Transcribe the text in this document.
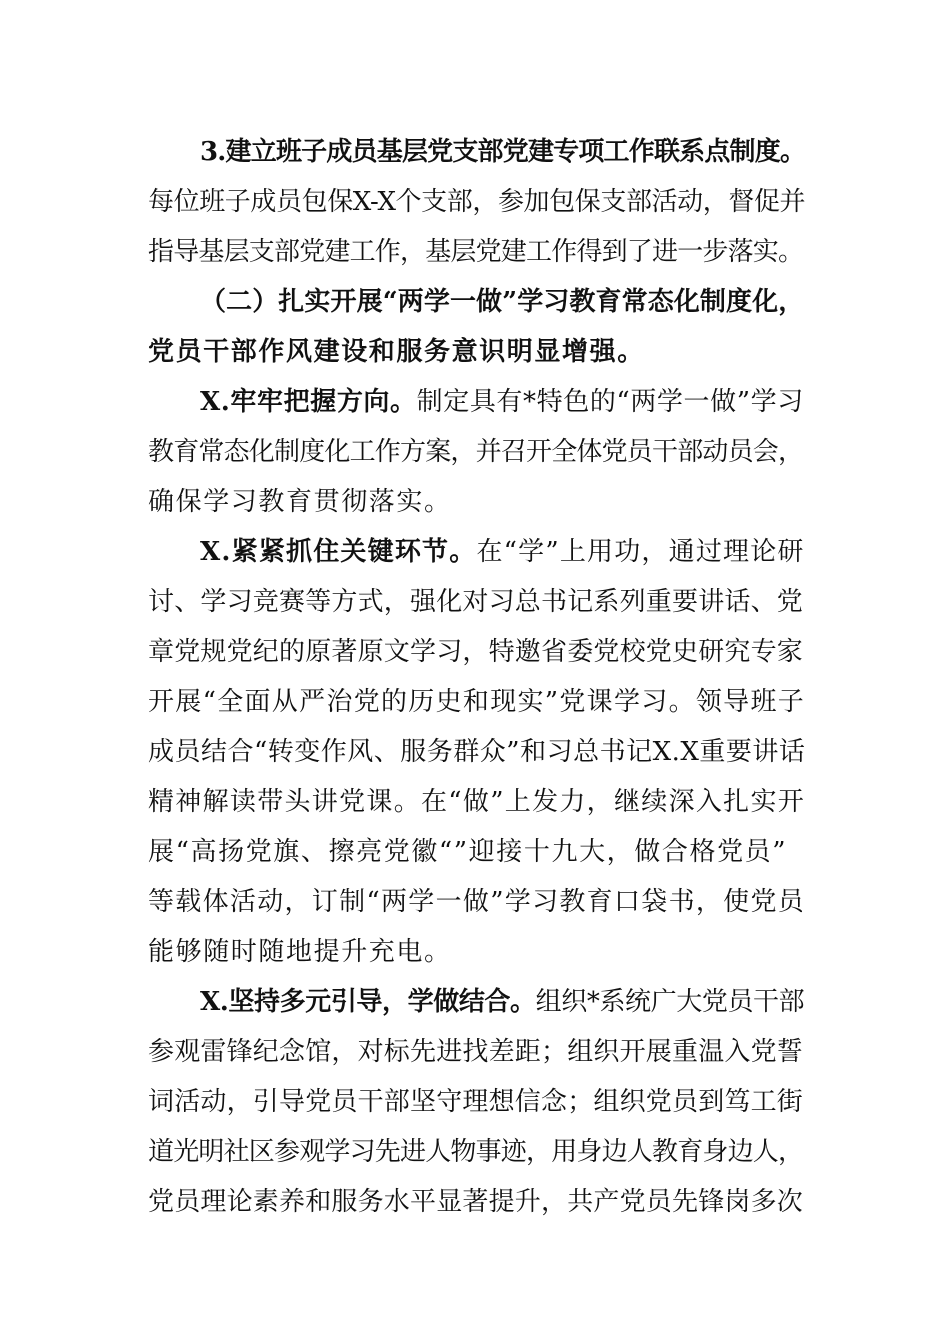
3.建立班子成员基层党支部党建专项工作联系点制度。
每位班子成员包保X-X个支部，参加包保支部活动，督促并
指导基层支部党建工作，基层党建工作得到了进一步落实。
（二）扎实开展“两学一做”学习教育常态化制度化，
党员干部作风建设和服务意识明显增强。
X.牢牢把握方向。制定具有*特色的“两学一做”学习
教育常态化制度化工作方案，并召开全体党员干部动员会，
确保学习教育贯彻落实。
X.紧紧抓住关键环节。在“学”上用功，通过理论研
讨、学习竞赛等方式，强化对习总书记系列重要讲话、党
章党规党纪的原著原文学习，特邀省委党校党史研究专家
开展“全面从严治党的历史和现实”党课学习。领导班子
成员结合“转变作风、服务群众”和习总书记X.X重要讲话
精神解读带头讲党课。在“做”上发力，继续深入扎实开
展“高扬党旗、擦亮党徽“”迎接十九大，做合格党员”
等载体活动，订制“两学一做”学习教育口袋书，使党员
能够随时随地提升充电。
X.坚持多元引导，学做结合。组织*系统广大党员干部
参观雷锋纪念馆，对标先进找差距；组织开展重温入党誓
词活动，引导党员干部坚守理想信念；组织党员到笃工街
道光明社区参观学习先进人物事迹，用身边人教育身边人，
党员理论素养和服务水平显著提升，共产党员先锋岗多次
